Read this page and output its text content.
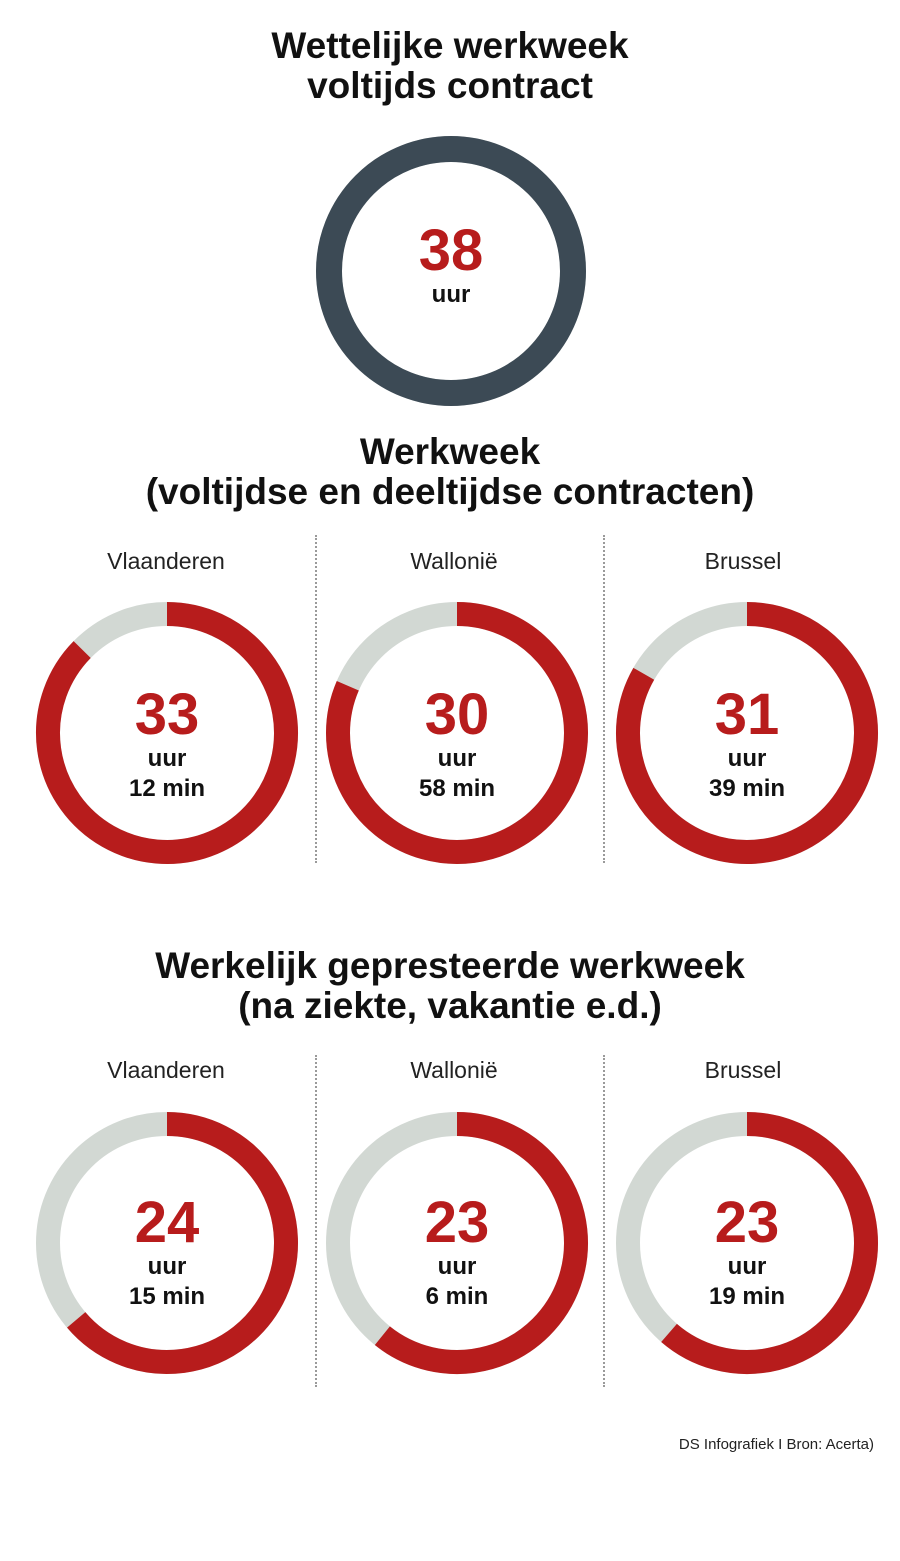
Wettelijke werkweek
voltijds contract
38
uur
Werkweek
(voltijdse en deeltijdse contracten)
Vlaanderen	Wallonië	Brussel
33
uur
12 min
30
uur
58 min
31
uur
39 min
Werkelijk gepresteerde werkweek
(na ziekte, vakantie e.d.)
Vlaanderen	Wallonië	Brussel
24
uur
15 min
23
uur
6 min
23
uur
19 min
DS Infografiek I Bron: Acerta)
